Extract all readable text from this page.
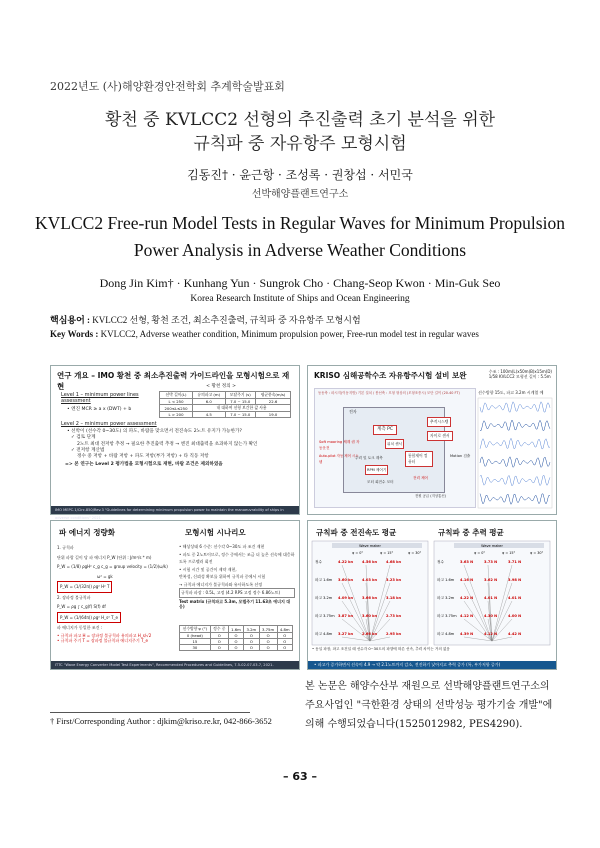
2022년도 (사)해양환경안전학회 추계학술발표회
황천 중 KVLCC2 선형의 추진출력 초기 분석을 위한
규칙파 중 자유항주 모형시험
김동진† · 윤근항 · 조성록 · 권창섭 · 서민국
선박해양플랜트연구소
KVLCC2 Free-run Model Tests in Regular Waves for Minimum Propulsion
Power Analysis in Adverse Weather Conditions
Dong Jin Kim† · Kunhang Yun · Sungrok Cho · Chang-Seop Kwon · Min-Guk Seo
Korea Research Institute of Ships and Ocean Engineering
핵심용어 : KVLCC2 선형, 황천 조건, 최소추진출력, 규칙파 중 자유항주 모형시험
Key Words : KVLCC2, Adverse weather condition, Minimum propulsion power, Free-run model test in regular waves
연구 개요 – IMO 황천 중 최소추진출력 가이드라인을 모형시험으로 재현	< 황천 정의 >
선박 길이(L)	유의파고 (m)	모달주기 (s)	평균풍속(m/s)
L < 250	6.0	7.0 ~ 15.0	22.6
200≤L≤250	내 대하여 선형 보간한 값 사용		
L > 200	4.5	7.0 ~ 15.0	19.0
Level 1 – minimum power lines assessment
• 엔진 MCR ≥ a x (DWT) + b
Level 2 – minimum power assessment
• 선박이 (선수각 0~30도) 의 파도, 바람을 맞으면서 전진속도 2노트 유지가 가능한가?
✓ 검토 단계
2노트 최대 전저항 추정 → 필요한 추진출력 추정 → 엔진 최대출력을 초과하지 않는가 확인
✓ 전저항 계산법
정수 중 저항 + 바람 저항 + 파도 저항(부가 저항) + 타 직동 저항
=> 본 연구는 Level 2 평가법을 모형시험으로 재현, 바람 조건은 제외하였음
IMO MEPC.1/Circ.850/Rev.3 "Guidelines for determining minimum propulsion power to maintain the manoeuvrability of ships in adverse conditions" 2021
KRISO 심해공학수조 자유항주시험 설비 보완	수조 : 100m(L)x50m(B)x15m(D)
1/58 KVLCC2 모형선 길이 : 5.5m
동동축 : 파시지(이동지방) 기본 설치 / 봉선축 : 모형 형상의 (모형조종시) 모단 길이 (20-40 FT)
전자
계측 PC
추적시스템
자이로 센서
통합제어 컴퓨터
Soft mooring 체계 퀀 자동운전
추력 및 토크 계측
RPM 제어기
Motion 검출
전력 제어
모터 회전수 모터
위치 센서
Auto-pilot 자동 제어 시스템
전원 공급 (지상통신)
선수방향 15도, 파고 3.2m 시계열 예
파 에너지 정량화	모형시험 시나리오
1. 규칙파
단위 파랑 길이 당 파 에너지 P_W (단위 : J/m²/s * m)
P_W = (1/8) ρgH² c_g c_g = group velocity = (1/2)(ω/k)
ω² = gk
P_W = (1/(32π)) ρg² H² T
2. 장파정 불규칙파
P_W = ρg ∫ c_g(f) S(f) df
P_W = (1/(64π)) ρg² H_s² T_e
파 에너지가 동일한 조건 :
• 규칙파 파고 H = 장파정 불규칙파 유의파고 H_s/√2
• 규칙파 주기 T = 장파정 불규칙파 에너지주기 T_e
• 해상상태 6 수준: 선수각 0~30도 파 조건 재현
• 파도 중 2노트이므로, 정수 중에서는 조금 더 높은 선속에 대응하도록 프로펠러 회전
• 시험 시간 및 공간이 제약 재현,
반복성, 신뢰성 확보를 위하여 규칙파 중에서 시험
→ 규칙파 에너지가 불규칙파와 유사하도록 선정
규칙파 파장 : 0.5L, 고정 (4.2 RPS 고정 정수 6.86노트)
Test matrix (규칙파고 5.3m, 모델주기 11.63초 에너지 대응)
선수방향 ψ (°)	정수 중	1.6m	3.2m	3.75m	4.8m
0 (head)	O	O	O	O	O
15	O	O	O	O	O
30	O	O	O	O	O
ITTC "Wave Energy Converter Model Test Experiments", Recommended Procedures and Guidelines, 7.5-02-07-03.7, 2021.
규칙파 중 전진속도 평균	규칙파 중 추력 평균
Wave maker
ψ = 0°	ψ = 15°	ψ = 30°
정수	4.22 kn 4.56 kn 4.68 kn
파고 1.6m 3.60 kn 4.03 kn 3.23 kn
파고 3.2m 4.09 kn 3.66 kn 3.18 kn
파고 3.75m 3.87 kn 3.60 kn 2.73 kn
파고 4.8m 3.27 kn 2.66 kn 2.95 kn
Wave maker
ψ = 0°	ψ = 15°	ψ = 30°
정수	3.63 N	3.73 N	3.71 N
파고 1.6m 4.16 N	3.62 N	3.98 N
파고 3.2m 4.22 N	4.01 N	4.01 N
파고 3.75m 4.12 N	4.30 N	4.00 N
파고 4.8m 4.39 N	4.12 N	4.42 N
• 동일 파장, 파고 조건일 때 선수각 0~30도의 파향에 따른 선속, 추력 차이는 거의 없음
• 파고가 증가하면서 선속이 4.9 → 약 2.1노트까지 감소, 전진하기 낮아지고 추력 증가 (특, 부가저항 증가)
본 논문은 해양수산부 재원으로 선박해양플랜트연구소의 주요사업인 "극한환경 상태의 선박성능 평가기술 개발"에 의해 수행되었습니다(1525012982, PES4290).
† First/Corresponding Author : djkim@kriso.re.kr, 042-866-3652
– 63 –
